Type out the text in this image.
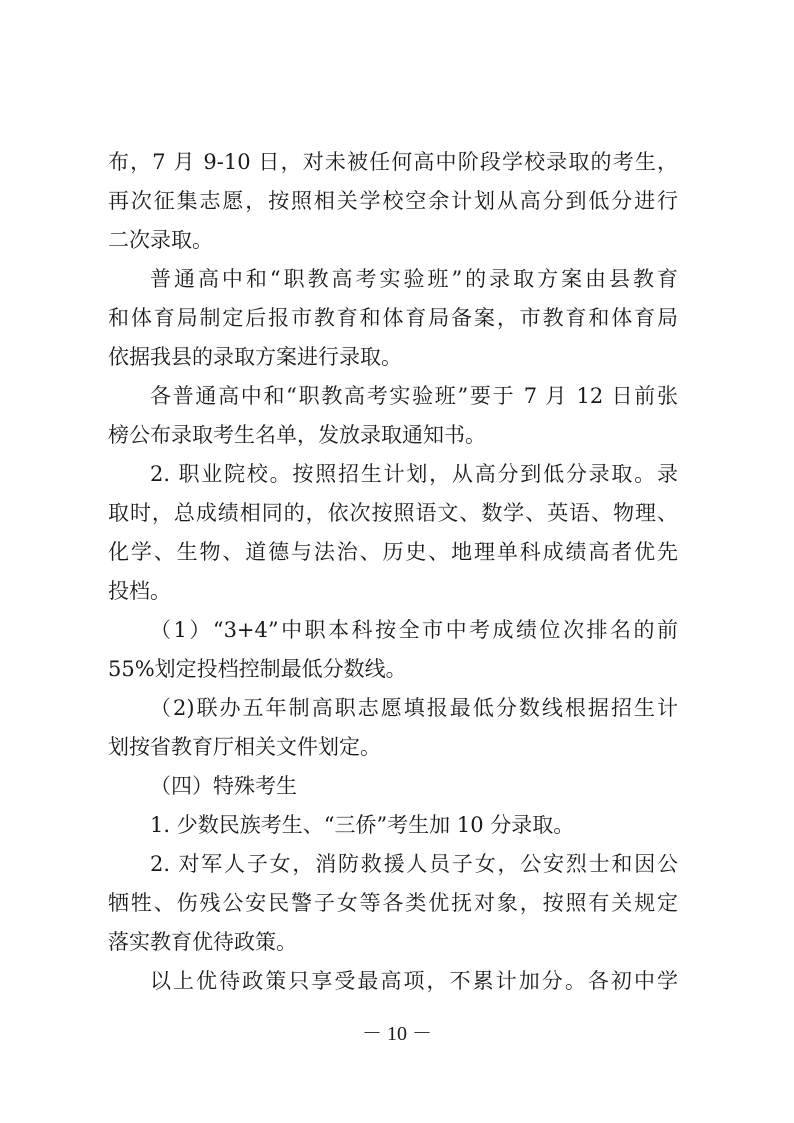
布，7 月 9-10 日，对未被任何高中阶段学校录取的考生，
再次征集志愿，按照相关学校空余计划从高分到低分进行
二次录取。
普通高中和“职教高考实验班”的录取方案由县教育
和体育局制定后报市教育和体育局备案，市教育和体育局
依据我县的录取方案进行录取。
各普通高中和“职教高考实验班”要于 7 月 12 日前张
榜公布录取考生名单，发放录取通知书。
2. 职业院校。按照招生计划，从高分到低分录取。录
取时，总成绩相同的，依次按照语文、数学、英语、物理、
化学、生物、道德与法治、历史、地理单科成绩高者优先
投档。
（1）“3+4”中职本科按全市中考成绩位次排名的前
55%划定投档控制最低分数线。
（2)联办五年制高职志愿填报最低分数线根据招生计
划按省教育厅相关文件划定。
（四）特殊考生
1. 少数民族考生、“三侨”考生加 10 分录取。
2. 对军人子女，消防救援人员子女，公安烈士和因公
牺牲、伤残公安民警子女等各类优抚对象，按照有关规定
落实教育优待政策。
以上优待政策只享受最高项，不累计加分。各初中学
－ 10 －
